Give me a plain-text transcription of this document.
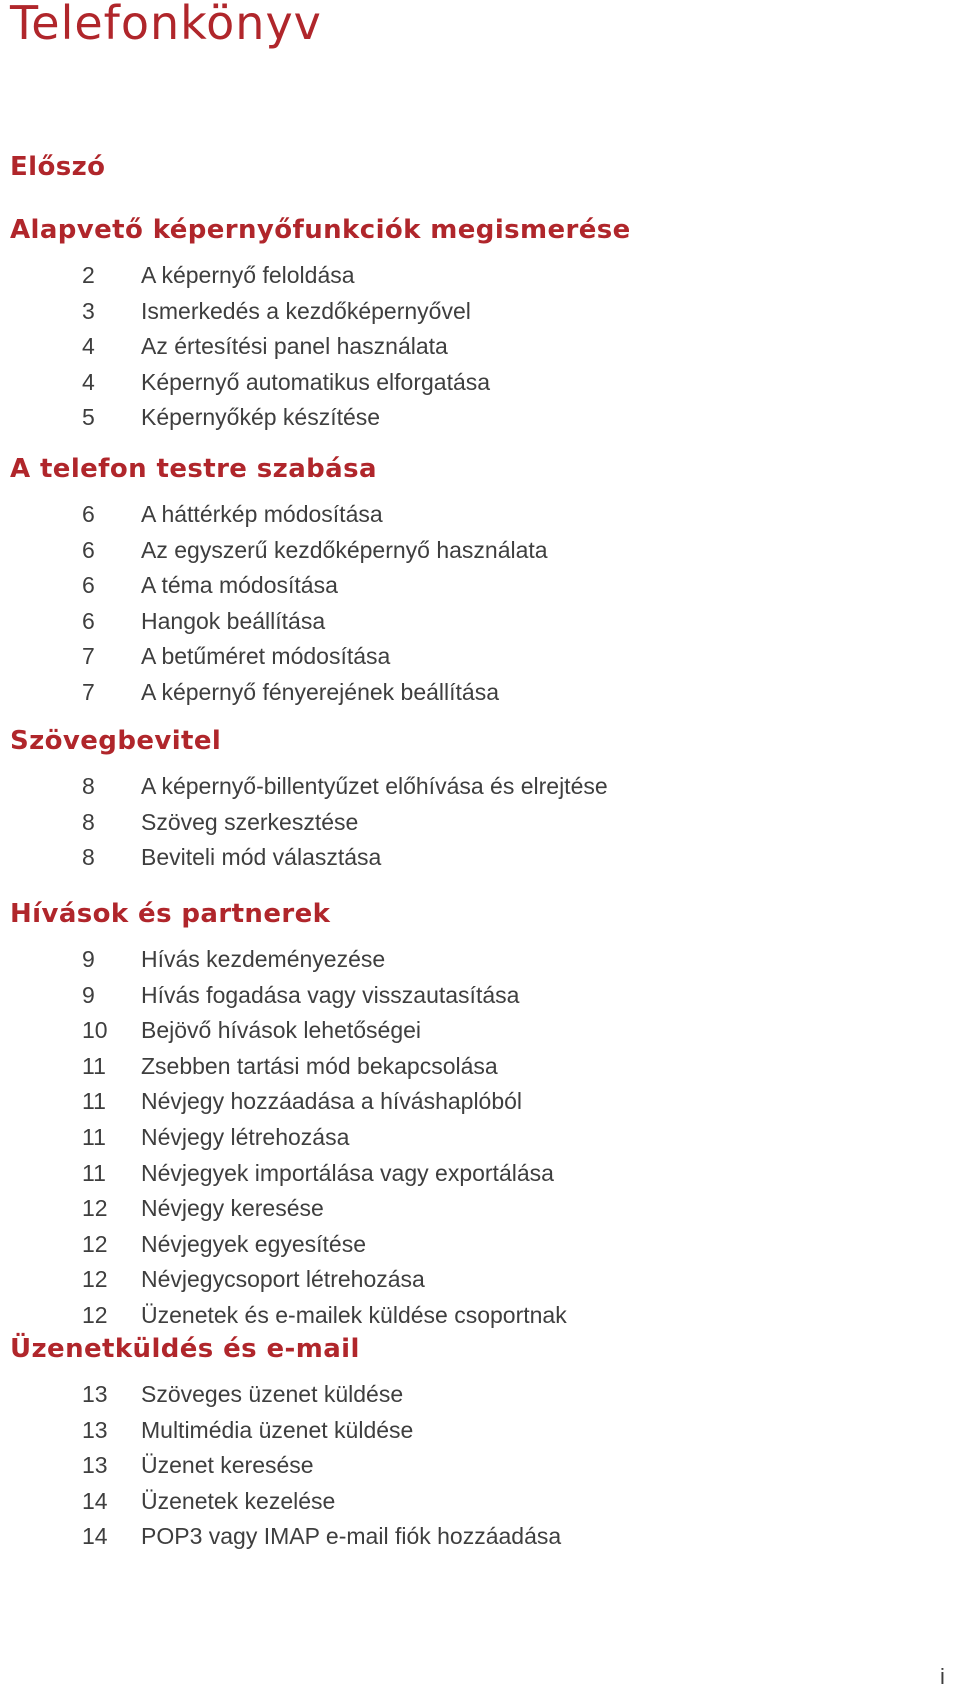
Telefonkönyv
Előszó
Alapvető képernyőfunkciók megismerése
2 A képernyő feloldása
3 Ismerkedés a kezdőképernyővel
4 Az értesítési panel használata
4 Képernyő automatikus elforgatása
5 Képernyőkép készítése
A telefon testre szabása
6 A háttérkép módosítása
6 Az egyszerű kezdőképernyő használata
6 A téma módosítása
6 Hangok beállítása
7 A betűméret módosítása
7 A képernyő fényerejének beállítása
Szövegbevitel
8 A képernyő-billentyűzet előhívása és elrejtése
8 Szöveg szerkesztése
8 Beviteli mód választása
Hívások és partnerek
9 Hívás kezdeményezése
9 Hívás fogadása vagy visszautasítása
10 Bejövő hívások lehetőségei
11 Zsebben tartási mód bekapcsolása
11 Névjegy hozzáadása a híváshaplóból
11 Névjegy létrehozása
11 Névjegyek importálása vagy exportálása
12 Névjegy keresése
12 Névjegyek egyesítése
12 Névjegycsoport létrehozása
12 Üzenetek és e-mailek küldése csoportnak
Üzenetküldés és e-mail
13 Szöveges üzenet küldése
13 Multimédia üzenet küldése
13 Üzenet keresése
14 Üzenetek kezelése
14 POP3 vagy IMAP e-mail fiók hozzáadása
i
